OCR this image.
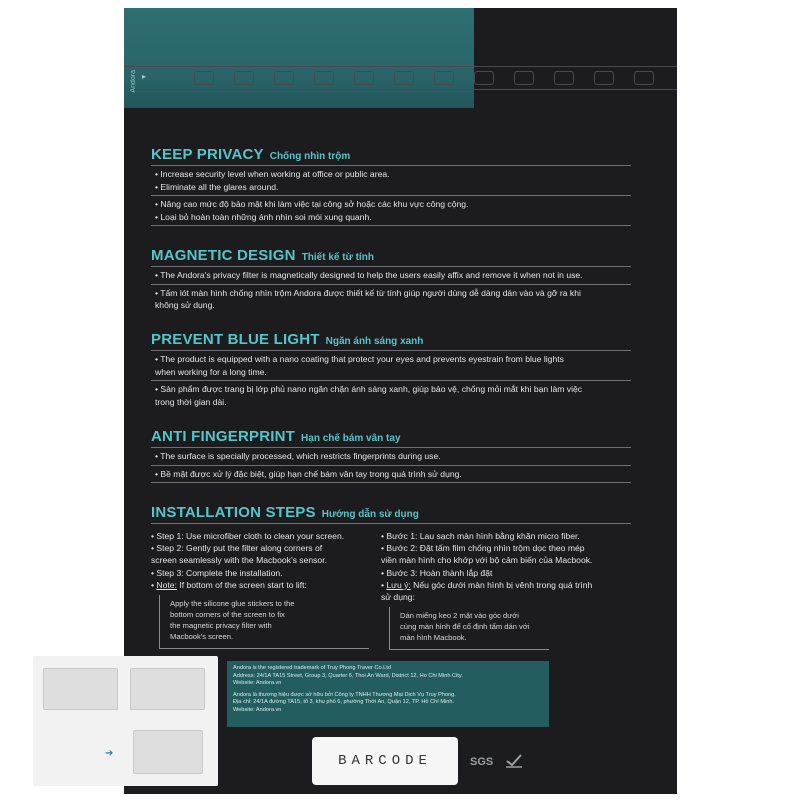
Andora ▸
KEEP PRIVACY Chống nhìn trộm
• Increase security level when working at office or public area.
• Eliminate all the glares around.
• Nâng cao mức độ bảo mật khi làm việc tại công sở hoặc các khu vực công cộng.
• Loại bỏ hoàn toàn những ánh nhìn soi mói xung quanh.
MAGNETIC DESIGN Thiết kế từ tính
• The Andora's privacy filter is magnetically designed to help the users easily affix and remove it when not in use.
• Tấm lót màn hình chống nhìn trộm Andora được thiết kế từ tính giúp người dùng dễ dàng dán vào và gỡ ra khi
không sử dụng.
PREVENT BLUE LIGHT Ngăn ánh sáng xanh
• The product is equipped with a nano coating that protect your eyes and prevents eyestrain from blue lights
when working for a long time.
• Sản phẩm được trang bị lớp phủ nano ngăn chặn ánh sáng xanh, giúp bảo vệ, chống mỏi mắt khi bạn làm việc
trong thời gian dài.
ANTI FINGERPRINT Hạn chế bám vân tay
• The surface is specially processed, which restricts fingerprints during use.
• Bề mặt được xử lý đặc biệt, giúp hạn chế bám vân tay trong quá trình sử dụng.
INSTALLATION STEPS Hướng dẫn sử dụng
• Step 1: Use microfiber cloth to clean your screen.
• Step 2: Gently put the filter along corners of
screen seamlessly with the Macbook's sensor.
• Step 3: Complete the installation.
• Note: If bottom of the screen start to lift:
Apply the silicone glue stickers to the
bottom corners of the screen to fix
the magnetic privacy filter with
Macbook's screen.
• Bước 1: Lau sạch màn hình bằng khăn micro fiber.
• Bước 2: Đặt tấm film chống nhìn trộm dọc theo mép
viền màn hình cho khớp với bộ cảm biến của Macbook.
• Bước 3: Hoàn thành lắp đặt
• Lưu ý: Nếu góc dưới màn hình bị vênh trong quá trình
sử dụng:
Dán miếng keo 2 mặt vào góc dưới
cùng màn hình để cố định tấm dán với
màn hình Macbook.
➔
Andora is the registered trademark of Truy Phong Traver Co.Ltd
Address: 24/1A TA15 Street, Group 3, Quarter 6, Thoi An Ward, District 12, Ho Chi Minh City.
Website: Andora.vn
Andora là thương hiệu được sở hữu bởi Công ty TNHH Thương Mại Dịch Vụ Truy Phong.
Địa chỉ: 24/1A đường TA15, tổ 3, khu phố 6, phường Thới An, Quận 12, TP. Hồ Chí Minh.
Website: Andora.vn
BARCODE	SGS
